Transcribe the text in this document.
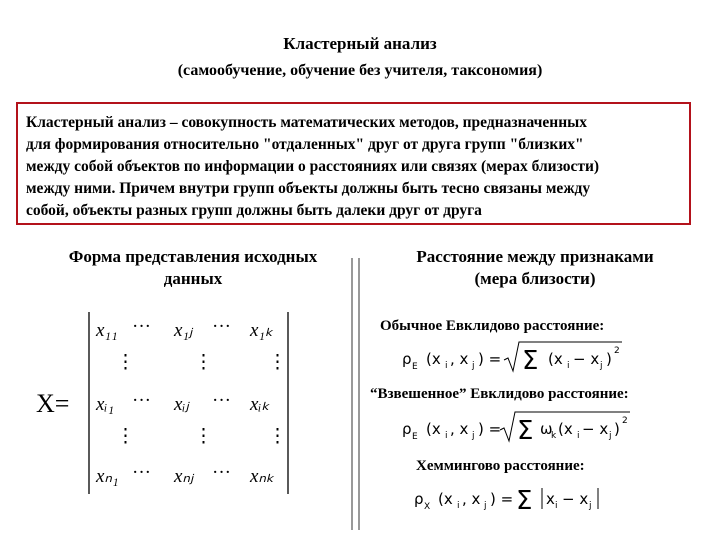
Кластерный анализ
(самообучение, обучение без учителя, таксономия)
Кластерный анализ – совокупность математических методов, предназначенных
для формирования относительно "отдаленных" друг от друга групп "близких"
между собой объектов по информации о расстояниях или связях (мерах близости)
между ними. Причем внутри групп объекты должны быть тесно связаны между
собой, объекты разных групп должны быть далеки друг от друга
Форма представления исходных
данных
Расстояние между признаками
(мера близости)
X=
x₁₁ ··· x₁ⱼ ··· x₁ₖ
⋮	⋮	⋮
xᵢ₁ ··· xᵢⱼ ··· xᵢₖ
⋮	⋮	⋮
xₙ₁ ··· xₙⱼ ··· xₙₖ
Обычное Евклидово расстояние:
ρ E (x i , x j ) = Σ (x i − x j ) 2
“Взвешенное” Евклидово расстояние:
ρ E (x i , x j ) = Σ ω
k (x i − x j ) 2
Хеммингово расстояние:
ρ X (x i , x j ) = Σ x i − x j
